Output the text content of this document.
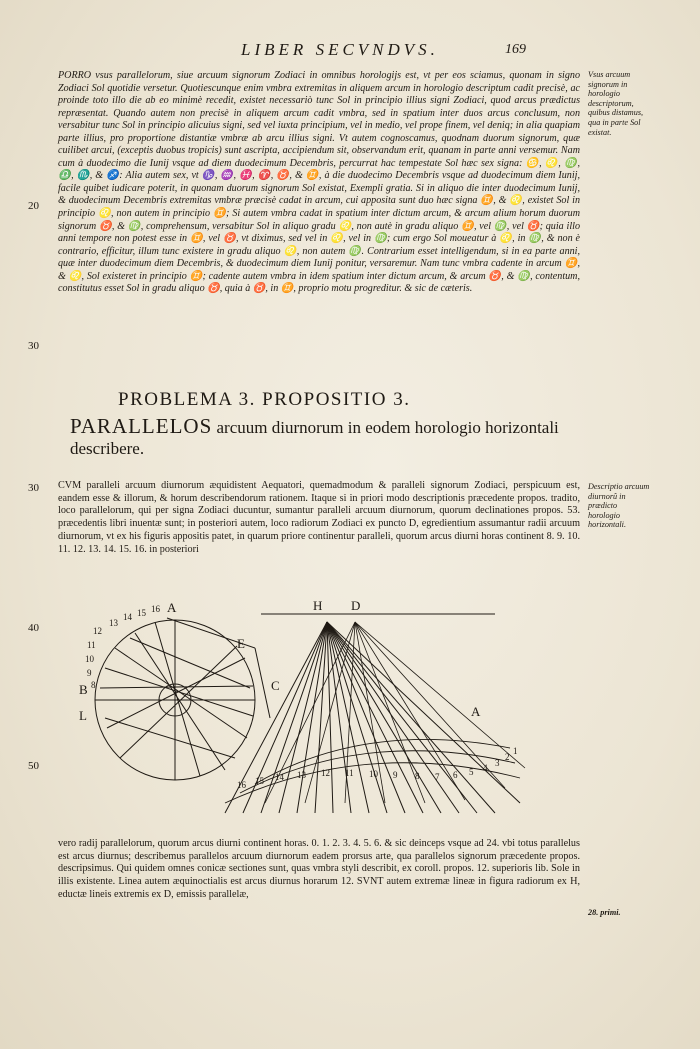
LIBER SECVNDVS.	169

PORRO vsus parallelorum, siue arcuum signorum Zodiaci in omnibus horologijs est, vt per eos sciamus, quonam in signo Zodiaci Sol quotidie versetur. Quotiescunque enim vmbra extremitas in aliquem arcum in horologio descriptum cadit precisè, ac proinde toto illo die ab eo minimè recedit, existet necessariò tunc Sol in principio illius signi Zodiaci, quod arcus prædictus repræsentat. Quando autem non precisè in aliquem arcum cadit vmbra, sed in spatium inter duos arcus conclusum, non versabitur tunc Sol in principio alicuius signi, sed vel iuxta principium, vel in medio, vel prope finem, vel deniq; in alia quapiam parte illius, pro proportione distantiæ vmbræ ab arcu illius signi. Vt autem cognoscamus, quodnam duorum signorum, quæ cuilibet arcui, (exceptis duobus tropicis) sunt ascripta, accipiendum sit, observandum erit, quanam in parte anni versemur. Nam cum à duodecimo die Iunij vsque ad diem duodecimum Decembris, percurrat hac tempestate Sol hæc sex signa: ♋, ♌, ♍, ♎, ♏, & ♐: Alia autem sex, vt ♑, ♒, ♓, ♈, ♉, & ♊, à die duodecimo Decembris vsque ad duodecimum diem Iunij, facile quibet iudicare poterit, in quonam duorum signorum Sol existat, Exempli gratia. Si in aliquo die inter duodecimum Iunij, & duodecimum Decembris extremitas vmbræ præcisè cadat in arcum, cui apposita sunt duo hæc signa ♊, & ♌, existet Sol in principio ♌, non autem in principio ♊; Si autem vmbra cadat in spatium inter dictum arcum, & arcum alium horum duorum signorum ♉, & ♍, comprehensum, versabitur Sol in aliquo gradu ♌, non autè in gradu aliquo ♊, vel ♍, vel ♉; quia illo anni tempore non potest esse in ♊, vel ♉, vt diximus, sed vel in ♌, vel in ♍; cum ergo Sol moueatur à ♌, in ♍, & non è contrario, efficitur, illum tunc existere in gradu aliquo ♌, non autem ♍. Contrarium esset intelligendum, si in ea parte anni, quæ inter duodecimum diem Decembris, & duodecimum diem Iunij ponitur, versaremur. Nam tunc vmbra cadente in arcum ♊, & ♌, Sol existeret in principio ♊; cadente autem vmbra in idem spatium inter dictum arcum, & arcum ♉, & ♍, contentum, constitutus esset Sol in gradu aliquo ♉, quia à ♉, in ♊, proprio motu progreditur. & sic de cæteris.

Vsus arcuum signorum in horologio descriptorum, quibus distamus, qua in parte Sol existat.

Descriptio arcuum diurnorû in prædicto horologio horizontali.

28. primi.

20
30
30
40
50
PROBLEMA 3. PROPOSITIO 3.

PARALLELOS arcuum diurnorum in eodem horologio horizontali describere.

CVM paralleli arcuum diurnorum æquidistent Aequatori, quemadmodum & paralleli signorum Zodiaci, perspicuum est, eandem esse & illorum, & horum describendorum rationem. Itaque si in priori modo descriptionis præcedente propos. tradito, loco parallelorum, qui per signa Zodiaci ducuntur, sumantur paralleli arcuum diurnorum, quorum declinationes propos. 53. præcedentis libri inuentæ sunt; in posteriori autem, loco radiorum Zodiaci ex puncto D, egredientium assumantur radii arcuum diurnorum, vt ex his figuris appositis patet, in quarum priore continentur paralleli, quorum arcus diurni horas continent 8. 9. 10. 11. 12. 13. 14. 15. 16. in posteriori

A
E
B
L
H D
A
C
12
13
14 15 16
11
10
9
8
16 15 14 13 12 11 10 9 8 7 6 5 4 3
2
1

vero radij parallelorum, quorum arcus diurni continent horas. 0. 1. 2. 3. 4. 5. 6. & sic deinceps vsque ad 24. vbi totus parallelus est arcus diurnus; describemus parallelos arcuum diurnorum eadem prorsus arte, qua parallelos signorum præcedente propos. descripsimus. Qui quidem omnes conicæ sectiones sunt, quas vmbra styli describit, ex coroll. propos. 12. superioris lib. Sole in illis existente. Linea autem æquinoctialis est arcus diurnus horarum 12. SVNT autem extremæ lineæ in figura radiorum ex H, eductæ lineis extremis ex D, emissis parallelæ,
